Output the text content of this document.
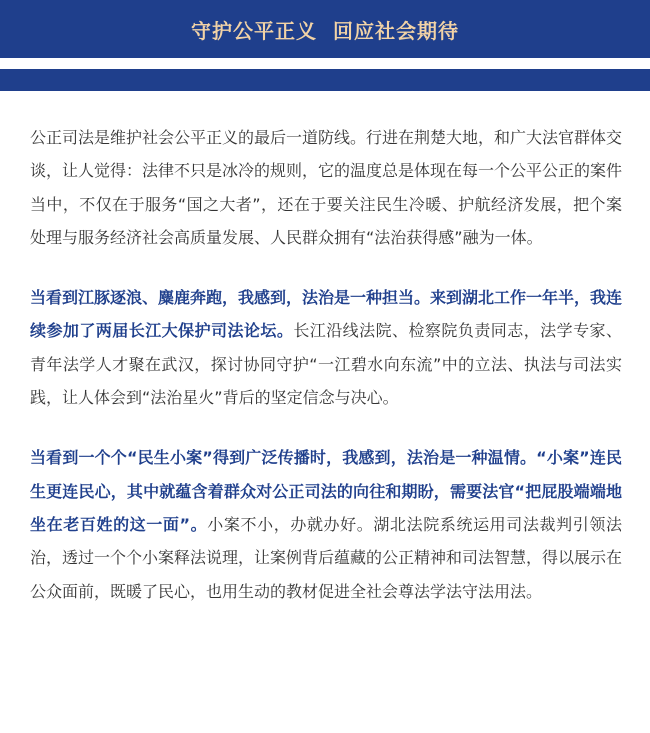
守护公平正义  回应社会期待

公正司法是维护社会公平正义的最后一道防线。行进在荆楚大地，和广大法官群体交谈，让人觉得：法律不只是冰冷的规则，它的温度总是体现在每一个公平公正的案件当中，不仅在于服务“国之大者”，还在于要关注民生冷暖、护航经济发展，把个案处理与服务经济社会高质量发展、人民群众拥有“法治获得感”融为一体。

当看到江豚逐浪、麋鹿奔跑，我感到，法治是一种担当。来到湖北工作一年半，我连续参加了两届长江大保护司法论坛。长江沿线法院、检察院负责同志，法学专家、青年法学人才聚在武汉，探讨协同守护“一江碧水向东流”中的立法、执法与司法实践，让人体会到“法治星火”背后的坚定信念与决心。

当看到一个个“民生小案”得到广泛传播时，我感到，法治是一种温情。“小案”连民生更连民心，其中就蕴含着群众对公正司法的向往和期盼，需要法官“把屁股端端地坐在老百姓的这一面”。小案不小，办就办好。湖北法院系统运用司法裁判引领法治，透过一个个小案释法说理，让案例背后蕴藏的公正精神和司法智慧，得以展示在公众面前，既暖了民心，也用生动的教材促进全社会尊法学法守法用法。
